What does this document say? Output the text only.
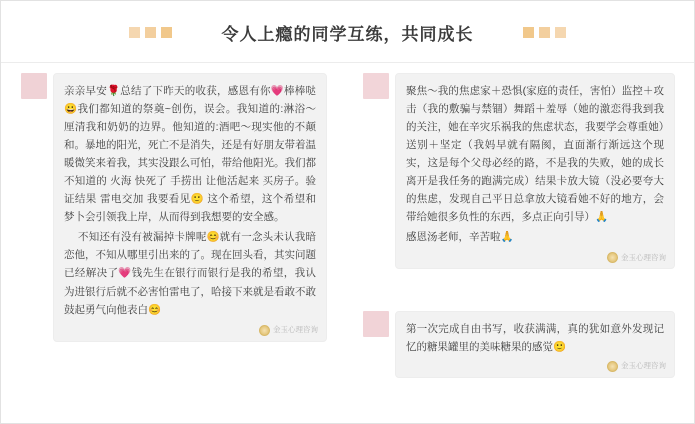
令人上瘾的同学互练，共同成长

亲亲早安🌹总结了下昨天的收获，感恩有你💗棒棒哒😀我们都知道的祭奠~创伤，误会。我知道的:淋浴～厘清我和奶奶的边界。他知道的:酒吧～现实他的不颠和。暴地的阳光，死亡不是消失，还是有好朋友带着温暖微笑来着我，其实没跟么可怕，带给他阳光。我们都不知道的 火海 快死了 手捞出 让他活起来 买房子。验证结果 雷电交加 我要看见🙂 这个希望，这个希望和梦卜会引领我上岸，从而得到我想要的安全感。

不知还有没有被漏掉卡牌呢😊就有一念头未认我暗恋他，不知从哪里引出来的了。现在回头看，其实问题已经解决了💗钱先生在银行而银行是我的希望，我认为进银行后就不必害怕雷电了，哈接下来就是看敢不敢鼓起勇气向他表白😊

金玉心理咨询

聚焦～我的焦虑家＋恐惧(家庭的责任，害怕）监控＋攻击（我的敷骗与禁锢）舞蹈＋羞辱（她的激恋得我到我的关注，她在辛灾乐祸我的焦虑状态，我要学会尊重她）送别＋坚定（我妈早就有隔阂，直面渐行渐远这个现实，这是每个父母必经的路，不是我的失败，她的成长离开是我任务的跑满完成）结果卡放大镜（没必要夸大的焦虑，发现自己平日总拿放大镜看她不好的地方，会带给她很多负性的东西，多点正向引导）🙏

感恩汤老师，辛苦啦🙏

金玉心理咨询

第一次完成自由书写，收获满满，真的犹如意外发现记忆的糖果罐里的美味糖果的感觉🙂

金玉心理咨询
